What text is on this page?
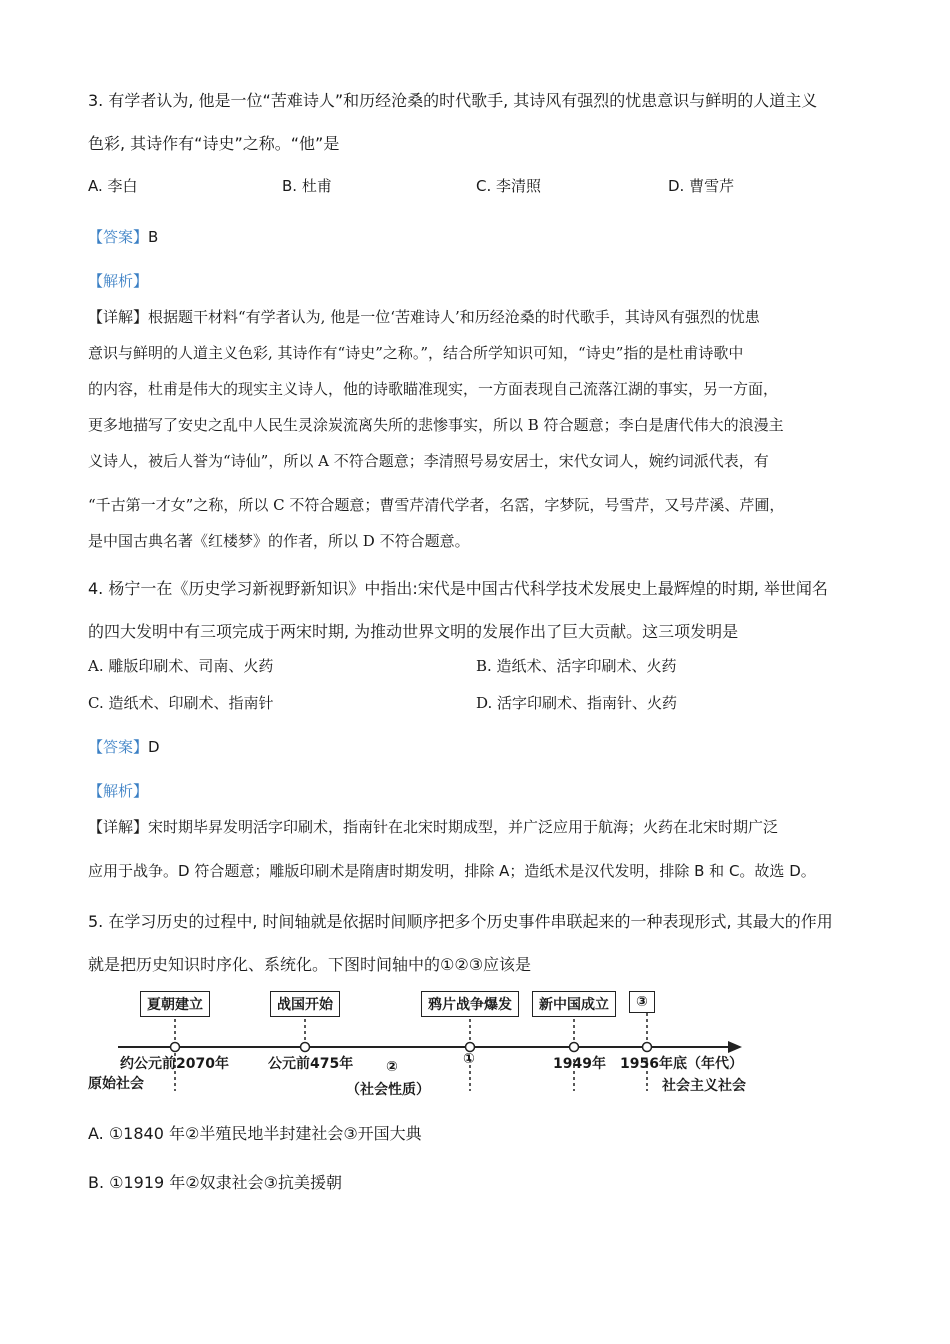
3. 有学者认为, 他是一位“苦难诗人”和历经沧桑的时代歌手, 其诗风有强烈的忧患意识与鲜明的人道主义
色彩, 其诗作有“诗史”之称。“他”是
A. 李白	B. 杜甫	C. 李清照	D. 曹雪芹
【答案】B
【解析】
【详解】根据题干材料“有学者认为, 他是一位‘苦难诗人’和历经沧桑的时代歌手，其诗风有强烈的忧患
意识与鲜明的人道主义色彩, 其诗作有“诗史”之称。”，结合所学知识可知，“诗史”指的是杜甫诗歌中
的内容，杜甫是伟大的现实主义诗人，他的诗歌瞄准现实，一方面表现自己流落江湖的事实，另一方面，
更多地描写了安史之乱中人民生灵涂炭流离失所的悲惨事实，所以 B 符合题意；李白是唐代伟大的浪漫主
义诗人，被后人誉为“诗仙”，所以 A 不符合题意；李清照号易安居士，宋代女词人，婉约词派代表，有
“千古第一才女”之称，所以 C 不符合题意；曹雪芹清代学者，名霑，字梦阮，号雪芹，又号芹溪、芹圃，
是中国古典名著《红楼梦》的作者，所以 D 不符合题意。
4. 杨宁一在《历史学习新视野新知识》中指出:宋代是中国古代科学技术发展史上最辉煌的时期, 举世闻名
的四大发明中有三项完成于两宋时期, 为推动世界文明的发展作出了巨大贡献。这三项发明是
A. 雕版印刷术、司南、火药	B. 造纸术、活字印刷术、火药
C. 造纸术、印刷术、指南针	D. 活字印刷术、指南针、火药
【答案】D
【解析】
【详解】宋时期毕昇发明活字印刷术，指南针在北宋时期成型，并广泛应用于航海；火药在北宋时期广泛
应用于战争。D 符合题意；雕版印刷术是隋唐时期发明，排除 A；造纸术是汉代发明，排除 B 和 C。故选 D。
5. 在学习历史的过程中, 时间轴就是依据时间顺序把多个历史事件串联起来的一种表现形式, 其最大的作用
就是把历史知识时序化、系统化。下图时间轴中的①②③应该是
夏朝建立	战国开始	鸦片战争爆发	新中国成立	③
约公元前2070年	公元前475年	①	1949年 1956年底（年代）
原始社会
②
（社会性质）	社会主义社会
A. ①1840 年②半殖民地半封建社会③开国大典
B. ①1919 年②奴隶社会③抗美援朝
